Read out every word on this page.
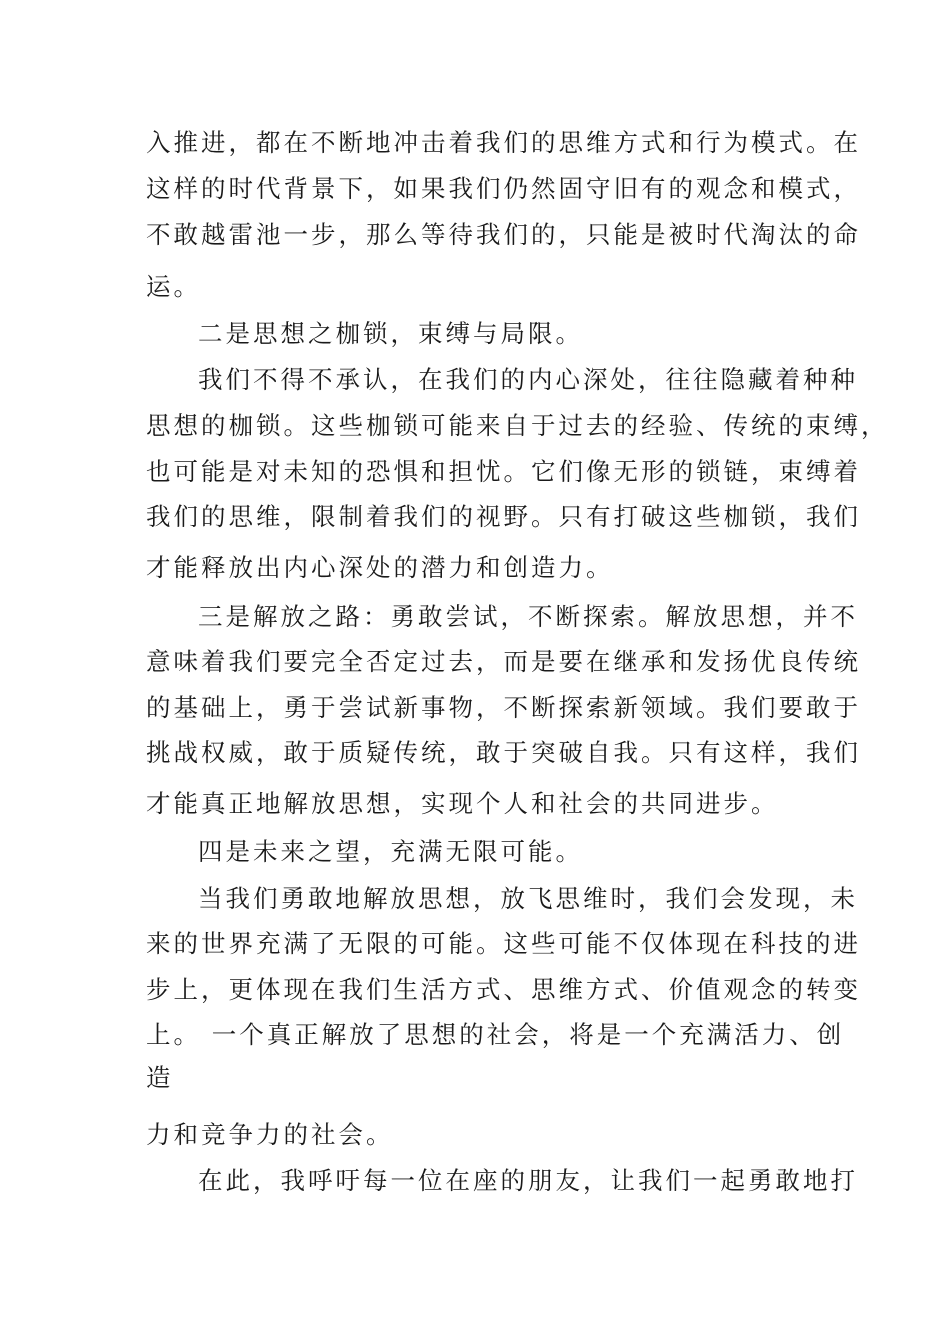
入推进，都在不断地冲击着我们的思维方式和行为模式。在
这样的时代背景下，如果我们仍然固守旧有的观念和模式，
不敢越雷池一步，那么等待我们的，只能是被时代淘汰的命
运。
二是思想之枷锁，束缚与局限。
我们不得不承认，在我们的内心深处，往往隐藏着种种
思想的枷锁。这些枷锁可能来自于过去的经验、传统的束缚，
也可能是对未知的恐惧和担忧。它们像无形的锁链，束缚着
我们的思维，限制着我们的视野。只有打破这些枷锁，我们
才能释放出内心深处的潜力和创造力。
三是解放之路：勇敢尝试，不断探索。解放思想，并不
意味着我们要完全否定过去，而是要在继承和发扬优良传统
的基础上，勇于尝试新事物，不断探索新领域。我们要敢于
挑战权威，敢于质疑传统，敢于突破自我。只有这样，我们
才能真正地解放思想，实现个人和社会的共同进步。
四是未来之望，充满无限可能。
当我们勇敢地解放思想，放飞思维时，我们会发现，未
来的世界充满了无限的可能。这些可能不仅体现在科技的进
步上，更体现在我们生活方式、思维方式、价值观念的转变
上。 一个真正解放了思想的社会，将是一个充满活力、创
造
力和竞争力的社会。
在此，我呼吁每一位在座的朋友，让我们一起勇敢地打
